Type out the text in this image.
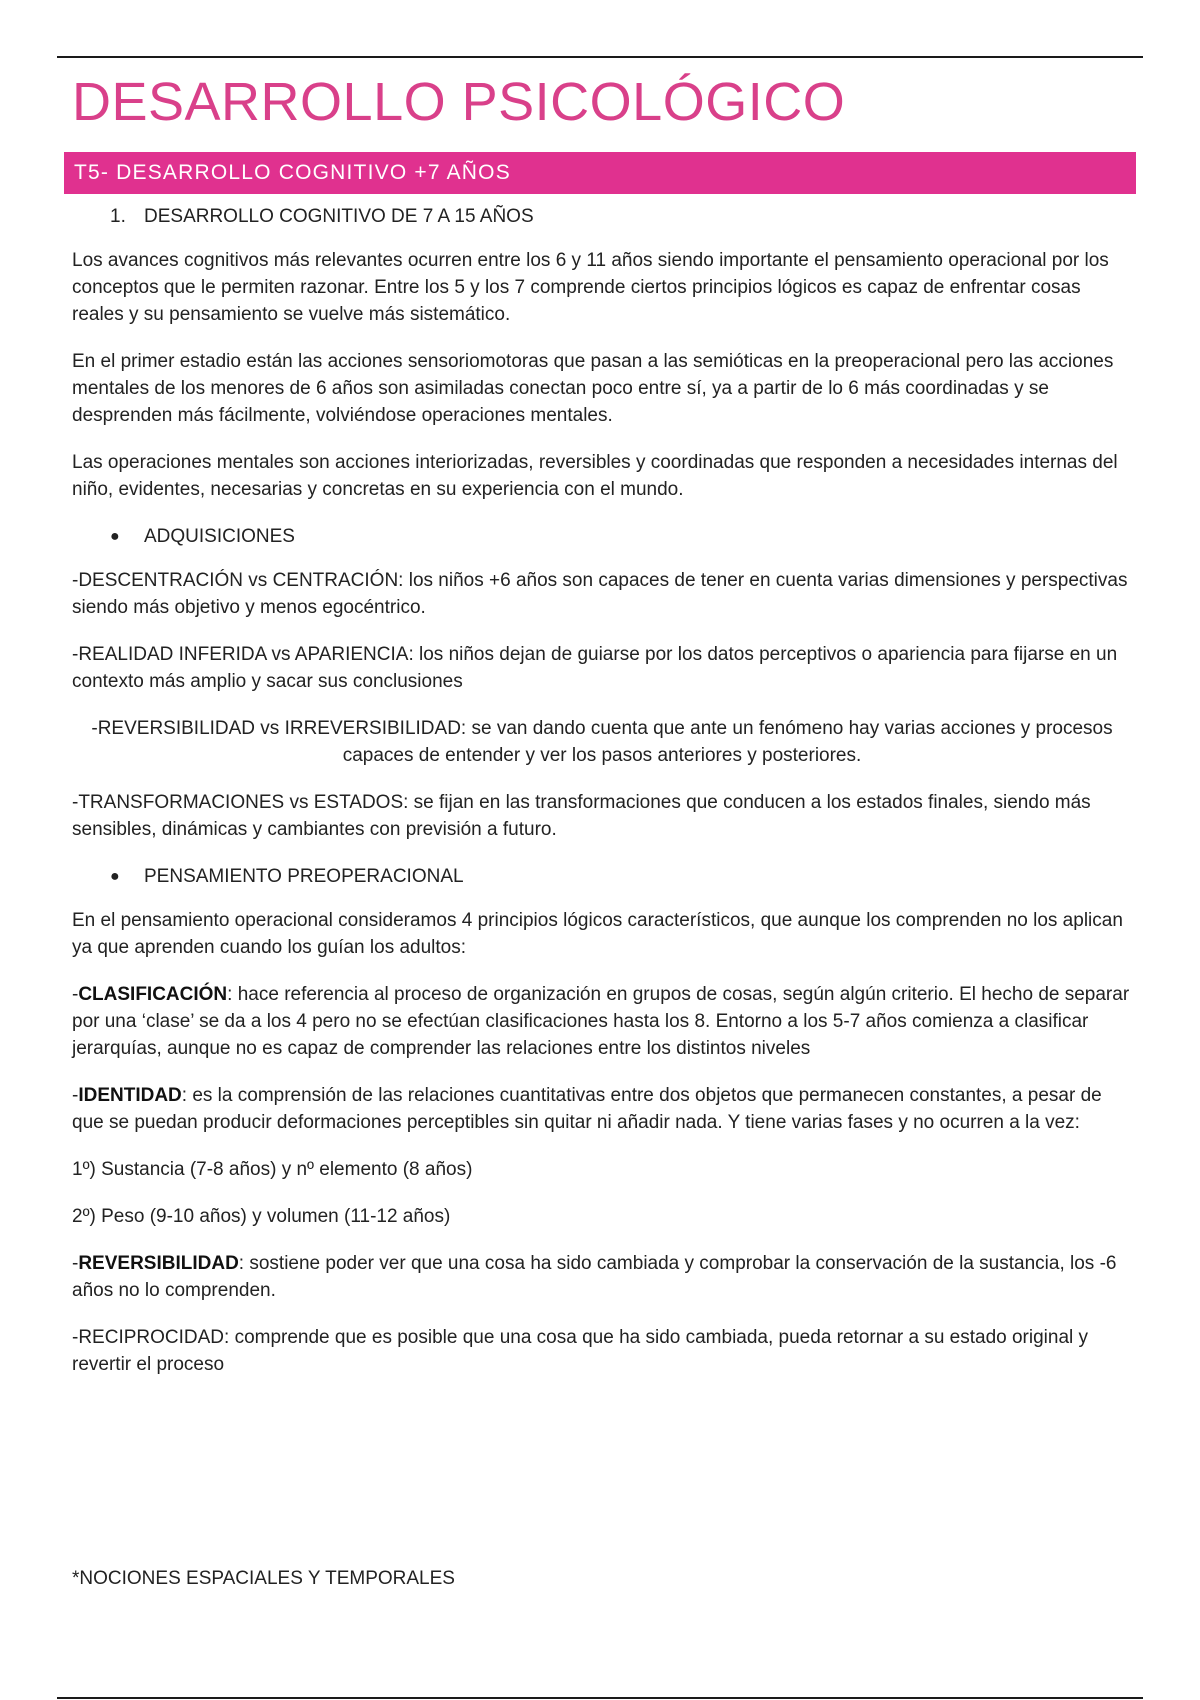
DESARROLLO PSICOLÓGICO
T5- DESARROLLO COGNITIVO +7 AÑOS
1. DESARROLLO COGNITIVO DE 7 A 15 AÑOS

Los avances cognitivos más relevantes ocurren entre los 6 y 11 años siendo importante el pensamiento operacional por los conceptos que le permiten razonar. Entre los 5 y los 7 comprende ciertos principios lógicos es capaz de enfrentar cosas reales y su pensamiento se vuelve más sistemático.

En el primer estadio están las acciones sensoriomotoras que pasan a las semióticas en la preoperacional pero las acciones mentales de los menores de 6 años son asimiladas conectan poco entre sí, ya a partir de lo 6 más coordinadas y se desprenden más fácilmente, volviéndose operaciones mentales.

Las operaciones mentales son acciones interiorizadas, reversibles y coordinadas que responden a necesidades internas del niño, evidentes, necesarias y concretas en su experiencia con el mundo.

●	ADQUISICIONES

-DESCENTRACIÓN vs CENTRACIÓN: los niños +6 años son capaces de tener en cuenta varias dimensiones y perspectivas siendo más objetivo y menos egocéntrico.

-REALIDAD INFERIDA vs APARIENCIA: los niños dejan de guiarse por los datos perceptivos o apariencia para fijarse en un contexto más amplio y sacar sus conclusiones

-REVERSIBILIDAD vs IRREVERSIBILIDAD: se van dando cuenta que ante un fenómeno hay varias acciones y procesos capaces de entender y ver los pasos anteriores y posteriores.

-TRANSFORMACIONES vs ESTADOS: se fijan en las transformaciones que conducen a los estados finales, siendo más sensibles, dinámicas y cambiantes con previsión a futuro.

●	PENSAMIENTO PREOPERACIONAL

En el pensamiento operacional consideramos 4 principios lógicos característicos, que aunque los comprenden no los aplican ya que aprenden cuando los guían los adultos:

-CLASIFICACIÓN: hace referencia al proceso de organización en grupos de cosas, según algún criterio. El hecho de separar por una ‘clase’ se da a los 4 pero no se efectúan clasificaciones hasta los 8. Entorno a los 5-7 años comienza a clasificar jerarquías, aunque no es capaz de comprender las relaciones entre los distintos niveles

-IDENTIDAD: es la comprensión de las relaciones cuantitativas entre dos objetos que permanecen constantes, a pesar de que se puedan producir deformaciones perceptibles sin quitar ni añadir nada. Y tiene varias fases y no ocurren a la vez:

1º) Sustancia (7-8 años) y nº elemento (8 años)

2º) Peso (9-10 años) y volumen (11-12 años)

-REVERSIBILIDAD: sostiene poder ver que una cosa ha sido cambiada y comprobar la conservación de la sustancia, los -6 años no lo comprenden.

-RECIPROCIDAD: comprende que es posible que una cosa que ha sido cambiada, pueda retornar a su estado original y revertir el proceso

*NOCIONES ESPACIALES Y TEMPORALES
